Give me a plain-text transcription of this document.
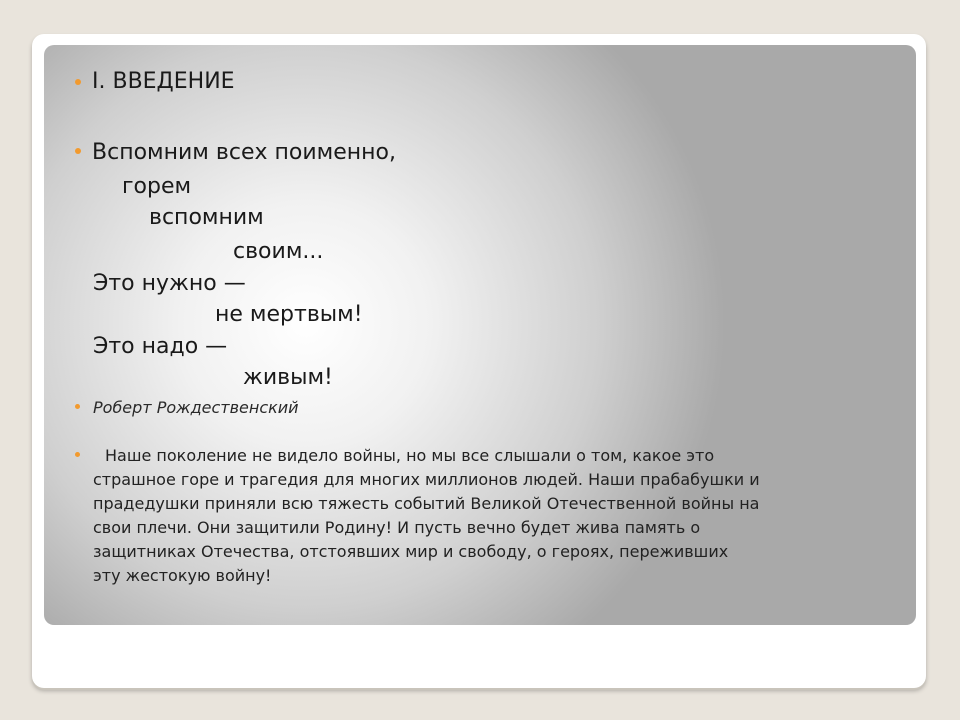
I. ВВЕДЕНИЕ
Вспомним всех поименно,
горем
вспомним
своим...
Это нужно —
не мертвым!
Это надо —
живым!
Роберт Рождественский
Наше поколение не видело войны, но мы все слышали о том, какое это
страшное горе и трагедия для многих миллионов людей. Наши прабабушки и
прадедушки приняли всю тяжесть событий Великой Отечественной войны на
свои плечи. Они защитили Родину! И пусть вечно будет жива память о
защитниках Отечества, отстоявших мир и свободу, о героях, переживших
эту жестокую войну!
